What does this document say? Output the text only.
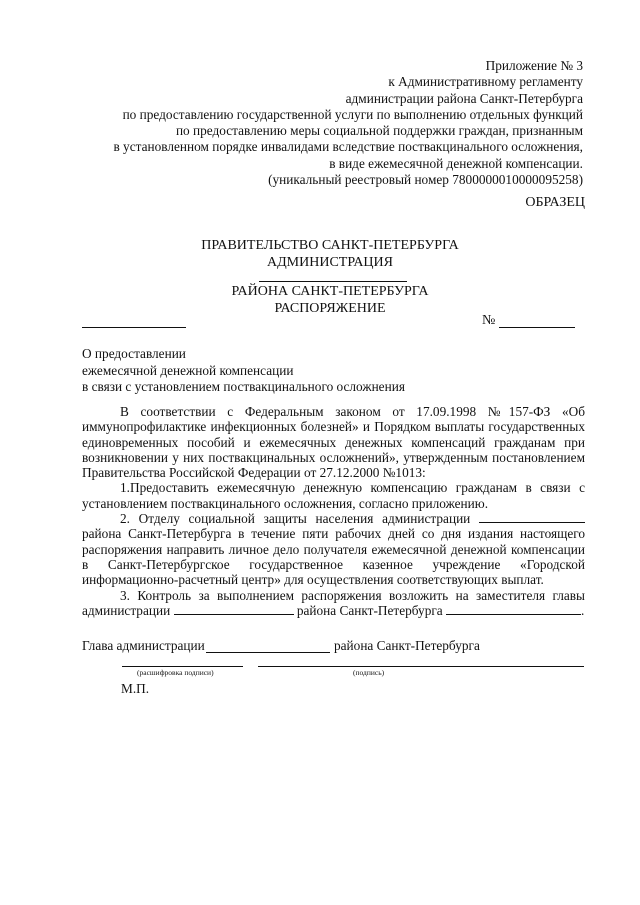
Приложение № 3
к Административному регламенту
администрации района Санкт-Петербурга
по предоставлению государственной услуги по выполнению отдельных функций
по предоставлению меры социальной поддержки граждан, признанным
в установленном порядке инвалидами вследствие поствакцинального осложнения,
в виде ежемесячной денежной компенсации.
(уникальный реестровый номер 7800000010000095258)
ОБРАЗЕЦ
ПРАВИТЕЛЬСТВО САНКТ-ПЕТЕРБУРГА
АДМИНИСТРАЦИЯ
РАЙОНА САНКТ-ПЕТЕРБУРГА
РАСПОРЯЖЕНИЕ
№
О предоставлении
ежемесячной денежной компенсации
в связи с установлением поствакцинального осложнения

В соответствии с Федеральным законом от 17.09.1998 №157-ФЗ «Об иммунопрофилактике инфекционных болезней» и Порядком выплаты государственных единовременных пособий и ежемесячных денежных компенсаций гражданам при возникновении у них поствакцинальных осложнений», утвержденным постановлением Правительства Российской Федерации от 27.12.2000 №1013:

1.Предоставить ежемесячную денежную компенсацию гражданам в связи с установлением поствакцинального осложнения, согласно приложению.

2. Отделу социальной защиты населения администрации  района Санкт-Петербурга в течение пяти рабочих дней со дня издания настоящего распоряжения направить личное дело получателя ежемесячной денежной компенсации в Санкт-Петербургское государственное казенное учреждение «Городской информационно-расчетный центр» для осуществления соответствующих выплат.

3. Контроль за выполнением распоряжения возложить на заместителя главы администрации	района Санкт-Петербурга	.

Глава администрации	района Санкт-Петербурга
(расшифровка подписи)	(подпись)
М.П.
